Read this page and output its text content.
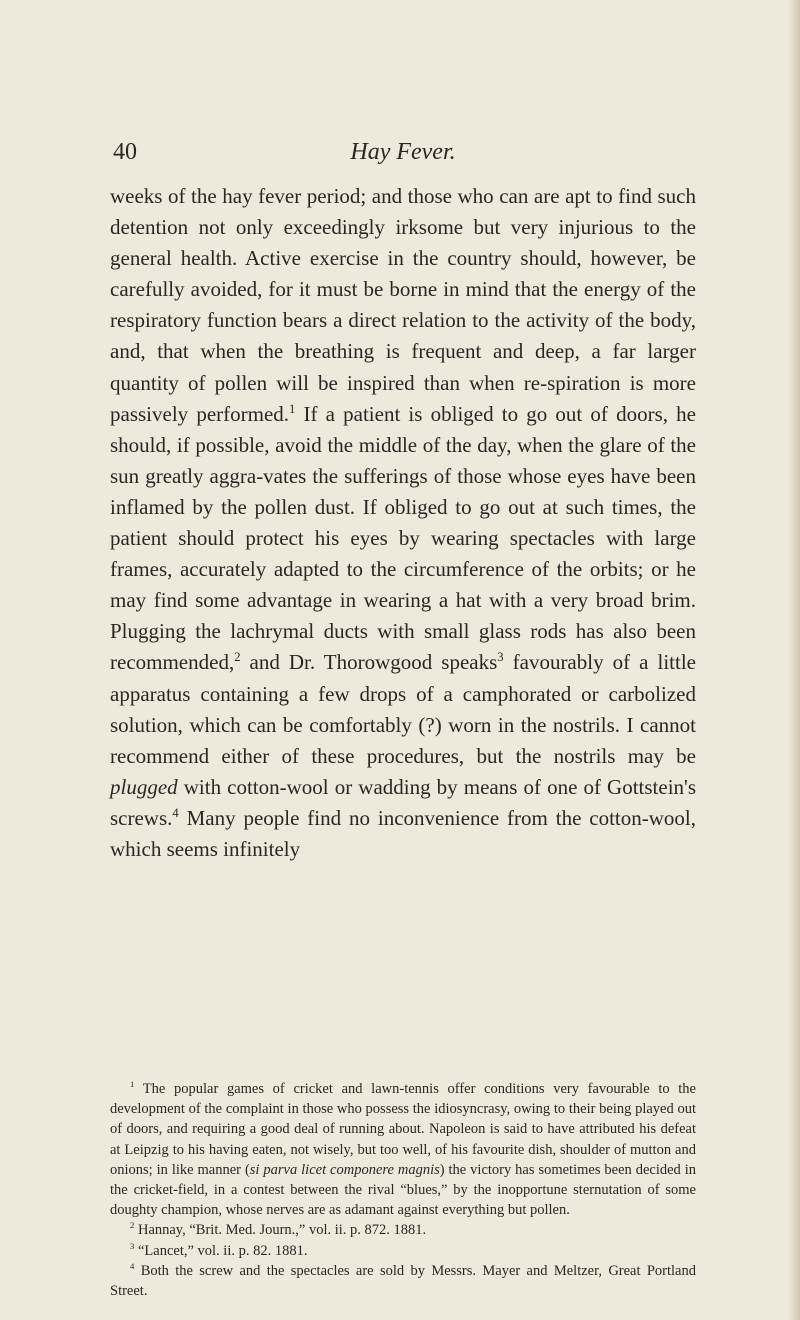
40	Hay Fever.

weeks of the hay fever period; and those who can are apt to find such detention not only exceedingly irksome but very injurious to the general health. Active exercise in the country should, however, be carefully avoided, for it must be borne in mind that the energy of the respiratory function bears a direct relation to the activity of the body, and, that when the breathing is frequent and deep, a far larger quantity of pollen will be inspired than when re-spiration is more passively performed.$^1$ If a patient is obliged to go out of doors, he should, if possible, avoid the middle of the day, when the glare of the sun greatly aggra-vates the sufferings of those whose eyes have been inflamed by the pollen dust. If obliged to go out at such times, the patient should protect his eyes by wearing spectacles with large frames, accurately adapted to the circumference of the orbits; or he may find some advantage in wearing a hat with a very broad brim. Plugging the lachrymal ducts with small glass rods has also been recommended,$^2$ and Dr. Thorowgood speaks$^3$ favourably of a little apparatus containing a few drops of a camphorated or carbolized solution, which can be comfortably (?) worn in the nostrils. I cannot recommend either of these procedures, but the nostrils may be plugged with cotton-wool or wadding by means of one of Gottstein's screws.$^4$ Many people find no inconvenience from the cotton-wool, which seems infinitely

$^1$ The popular games of cricket and lawn-tennis offer conditions very favourable to the development of the complaint in those who possess the idiosyncrasy, owing to their being played out of doors, and requiring a good deal of running about. Napoleon is said to have attributed his defeat at Leipzig to his having eaten, not wisely, but too well, of his favourite dish, shoulder of mutton and onions; in like manner (si parva licet componere magnis) the victory has sometimes been decided in the cricket-field, in a contest between the rival “blues,” by the inopportune sternutation of some doughty champion, whose nerves are as adamant against everything but pollen.

$^2$ Hannay, “Brit. Med. Journ.,” vol. ii. p. 872. 1881.

$^3$ “Lancet,” vol. ii. p. 82. 1881.

$^4$ Both the screw and the spectacles are sold by Messrs. Mayer and Meltzer, Great Portland Street.
